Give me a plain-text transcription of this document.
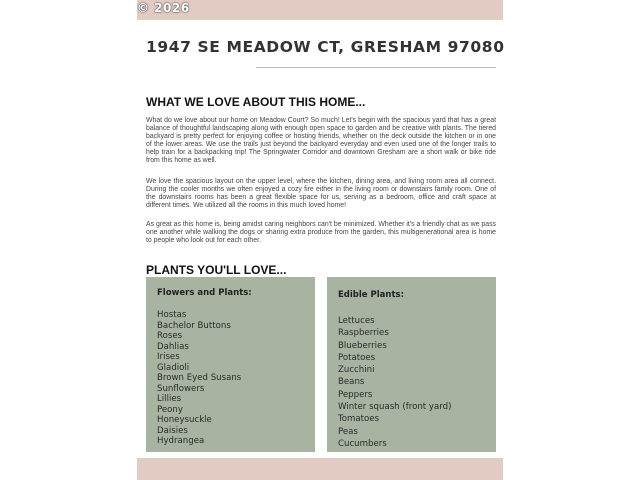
© 2026
1947 SE MEADOW CT, GRESHAM 97080
WHAT WE LOVE ABOUT THIS HOME...

What do we love about our home on Meadow Court? So much! Let's begin with the spacious yard that has a great balance of thoughtful landscaping along with enough open space to garden and be creative with plants. The tiered backyard is pretty perfect for enjoying coffee or hosting friends, whether on the deck outside the kitchen or in one of the lower areas. We use the trails just beyond the backyard everyday and even used one of the longer trails to help train for a backpacking trip! The Springwater Corridor and downtown Gresham are a short walk or bike ride from this home as well.

We love the spacious layout on the upper level, where the kitchen, dining area, and living room area all connect. During the cooler months we often enjoyed a cozy fire either in the living room or downstairs family room. One of the downstairs rooms has been a great flexible space for us, serving as a bedroom, office and craft space at different times. We utilized all the rooms in this much loved home!

As great as this home is, being amidst caring neighbors can't be minimized. Whether it's a friendly chat as we pass one another while walking the dogs or sharing extra produce from the garden, this multigenerational area is home to people who look out for each other.

PLANTS YOU'LL LOVE...
Flowers and Plants:
Hostas
Bachelor Buttons
Roses
Dahlias
Irises
Gladioli
Brown Eyed Susans
Sunflowers
Lillies
Peony
Honeysuckle
Daisies
Hydrangea
Edible Plants:
Lettuces
Raspberries
Blueberries
Potatoes
Zucchini
Beans
Peppers
Winter squash (front yard)
Tomatoes
Peas
Cucumbers
